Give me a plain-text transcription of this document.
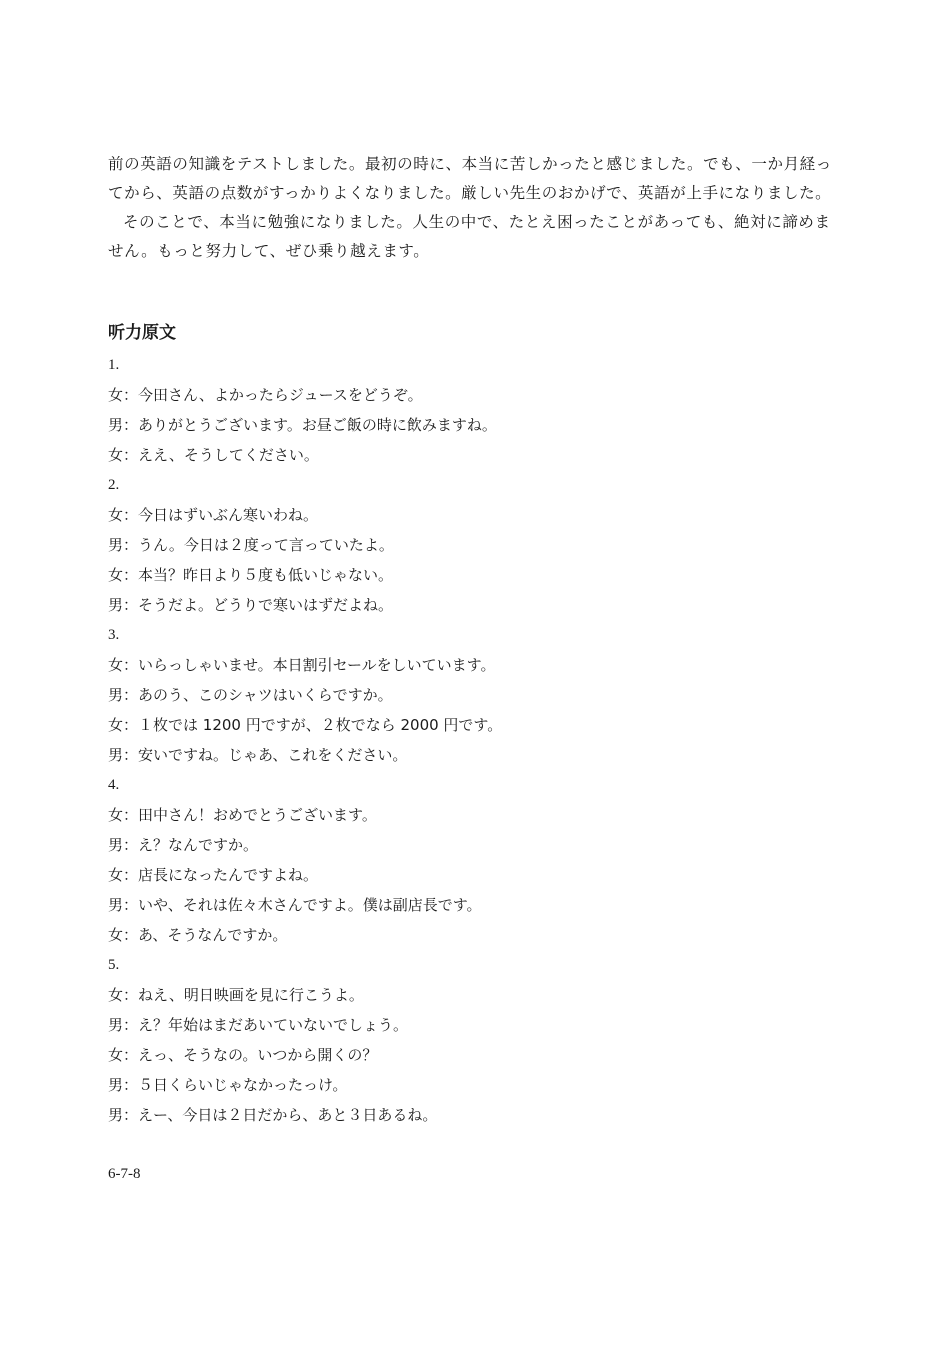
前の英語の知識をテストしました。最初の時に、本当に苦しかったと感じました。でも、一か月経ってから、英語の点数がすっかりよくなりました。厳しい先生のおかげで、英語が上手になりました。

そのことで、本当に勉強になりました。人生の中で、たとえ困ったことがあっても、絶対に諦めません。もっと努力して、ぜひ乗り越えます。

听力原文
1.
女：今田さん、よかったらジュースをどうぞ。
男：ありがとうございます。お昼ご飯の時に飲みますね。
女：ええ、そうしてください。
2.
女：今日はずいぶん寒いわね。
男：うん。今日は２度って言っていたよ。
女：本当？昨日より５度も低いじゃない。
男：そうだよ。どうりで寒いはずだよね。
3.
女：いらっしゃいませ。本日割引セールをしいています。
男：あのう、このシャツはいくらですか。
女：１枚では 1200 円ですが、２枚でなら 2000 円です。
男：安いですね。じゃあ、これをください。
4.
女：田中さん！おめでとうございます。
男：え？なんですか。
女：店長になったんですよね。
男：いや、それは佐々木さんですよ。僕は副店長です。
女：あ、そうなんですか。
5.
女：ねえ、明日映画を見に行こうよ。
男：え？年始はまだあいていないでしょう。
女：えっ、そうなの。いつから開くの？
男：５日くらいじゃなかったっけ。
男：えー、今日は２日だから、あと３日あるね。
6-7-8
